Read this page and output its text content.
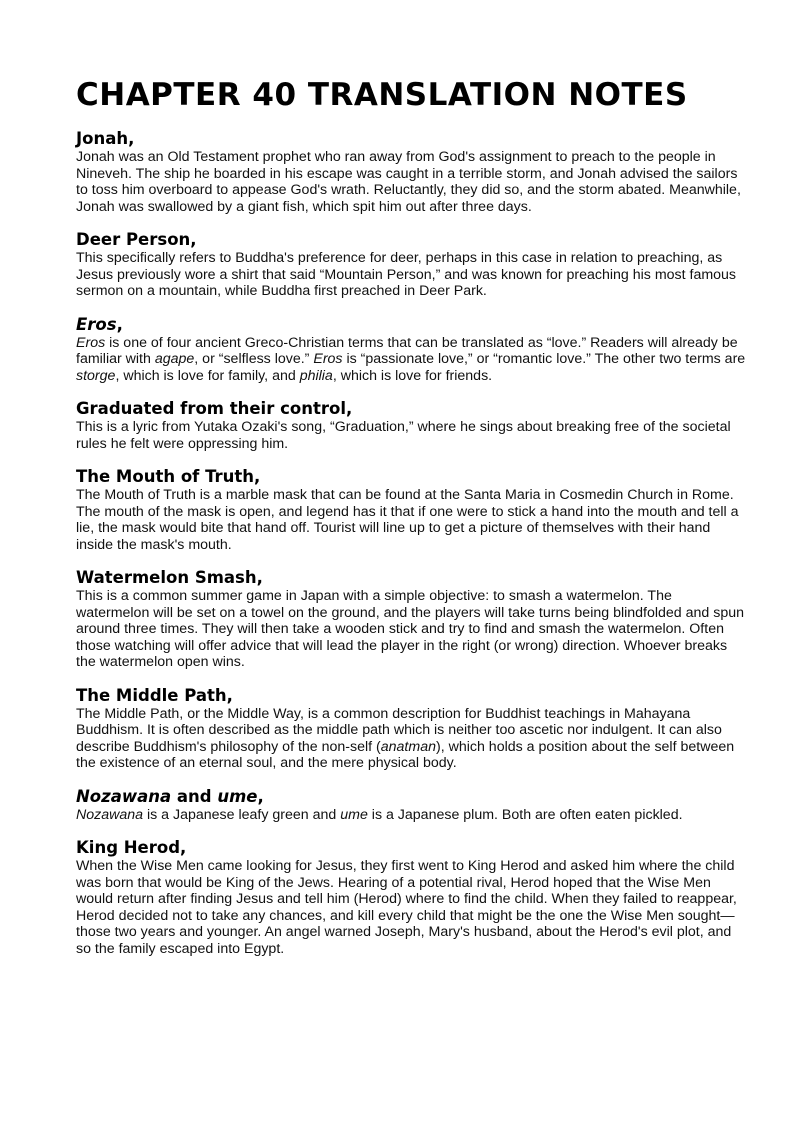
CHAPTER 40 TRANSLATION NOTES
Jonah,

Jonah was an Old Testament prophet who ran away from God's assignment to preach to the people in Nineveh. The ship he boarded in his escape was caught in a terrible storm, and Jonah advised the sailors to toss him overboard to appease God's wrath. Reluctantly, they did so, and the storm abated. Meanwhile, Jonah was swallowed by a giant fish, which spit him out after three days.

Deer Person,

This specifically refers to Buddha's preference for deer, perhaps in this case in relation to preaching, as Jesus previously wore a shirt that said “Mountain Person,” and was known for preaching his most famous sermon on a mountain, while Buddha first preached in Deer Park.

Eros,

Eros is one of four ancient Greco-Christian terms that can be translated as “love.” Readers will already be familiar with agape, or “selfless love.” Eros is “passionate love,” or “romantic love.” The other two terms are storge, which is love for family, and philia, which is love for friends.

Graduated from their control,

This is a lyric from Yutaka Ozaki's song, “Graduation,” where he sings about breaking free of the societal rules he felt were oppressing him.

The Mouth of Truth,

The Mouth of Truth is a marble mask that can be found at the Santa Maria in Cosmedin Church in Rome. The mouth of the mask is open, and legend has it that if one were to stick a hand into the mouth and tell a lie, the mask would bite that hand off. Tourist will line up to get a picture of themselves with their hand inside the mask's mouth.

Watermelon Smash,

This is a common summer game in Japan with a simple objective: to smash a watermelon. The watermelon will be set on a towel on the ground, and the players will take turns being blindfolded and spun around three times. They will then take a wooden stick and try to find and smash the watermelon. Often those watching will offer advice that will lead the player in the right (or wrong) direction. Whoever breaks the watermelon open wins.

The Middle Path,

The Middle Path, or the Middle Way, is a common description for Buddhist teachings in Mahayana Buddhism. It is often described as the middle path which is neither too ascetic nor indulgent. It can also describe Buddhism's philosophy of the non-self (anatman), which holds a position about the self between the existence of an eternal soul, and the mere physical body.

Nozawana and ume,

Nozawana is a Japanese leafy green and ume is a Japanese plum. Both are often eaten pickled.

King Herod,

When the Wise Men came looking for Jesus, they first went to King Herod and asked him where the child was born that would be King of the Jews. Hearing of a potential rival, Herod hoped that the Wise Men would return after finding Jesus and tell him (Herod) where to find the child. When they failed to reappear, Herod decided not to take any chances, and kill every child that might be the one the Wise Men sought—those two years and younger. An angel warned Joseph, Mary's husband, about the Herod's evil plot, and so the family escaped into Egypt.
